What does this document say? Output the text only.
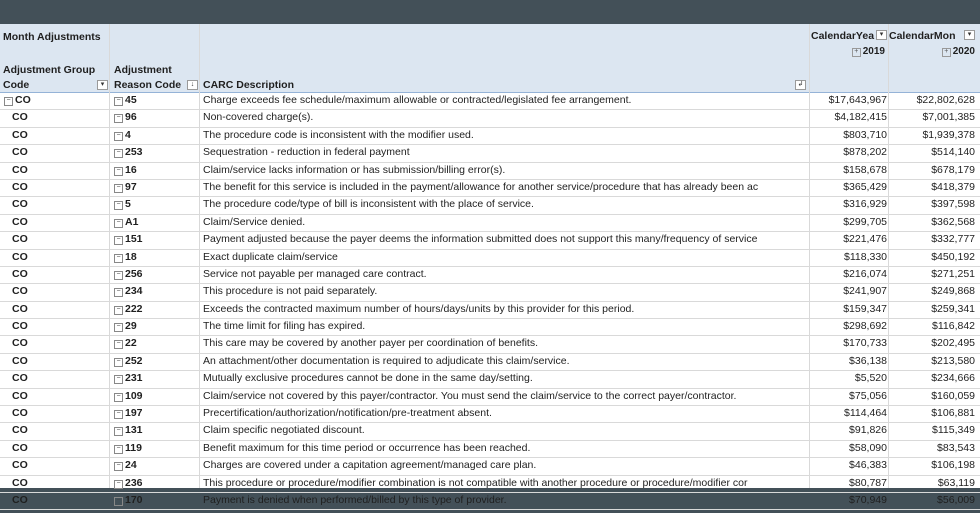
Month Adjustments
Adjustment Group
Code	▾
Adjustment
Reason Code	↓ CARC Description	↲
CalendarYea ▾ CalendarMon	▾
+ 2019	+ 2020
− CO	− 45	Charge exceeds fee schedule/maximum allowable or contracted/legislated fee arrangement.	$17,643,967	$22,802,628
CO	− 96	Non-covered charge(s).	$4,182,415	$7,001,385
CO	− 4	The procedure code is inconsistent with the modifier used.	$803,710	$1,939,378
CO	− 253	Sequestration - reduction in federal payment	$878,202	$514,140
CO	− 16	Claim/service lacks information or has submission/billing error(s).	$158,678	$678,179
CO	− 97	The benefit for this service is included in the payment/allowance for another service/procedure that has already been ac	$365,429	$418,379
CO	− 5	The procedure code/type of bill is inconsistent with the place of service.	$316,929	$397,598
CO	− A1	Claim/Service denied.	$299,705	$362,568
CO	− 151	Payment adjusted because the payer deems the information submitted does not support this many/frequency of service	$221,476	$332,777
CO	− 18	Exact duplicate claim/service	$118,330	$450,192
CO	− 256	Service not payable per managed care contract.	$216,074	$271,251
CO	− 234	This procedure is not paid separately.	$241,907	$249,868
CO	− 222	Exceeds the contracted maximum number of hours/days/units by this provider for this period.	$159,347	$259,341
CO	− 29	The time limit for filing has expired.	$298,692	$116,842
CO	− 22	This care may be covered by another payer per coordination of benefits.	$170,733	$202,495
CO	− 252	An attachment/other documentation is required to adjudicate this claim/service.	$36,138	$213,580
CO	− 231	Mutually exclusive procedures cannot be done in the same day/setting.	$5,520	$234,666
CO	− 109	Claim/service not covered by this payer/contractor. You must send the claim/service to the correct payer/contractor.	$75,056	$160,059
CO	− 197	Precertification/authorization/notification/pre-treatment absent.	$114,464	$106,881
CO	− 131	Claim specific negotiated discount.	$91,826	$115,349
CO	− 119	Benefit maximum for this time period or occurrence has been reached.	$58,090	$83,543
CO	− 24	Charges are covered under a capitation agreement/managed care plan.	$46,383	$106,198
CO	− 236	This procedure or procedure/modifier combination is not compatible with another procedure or procedure/modifier cor	$80,787	$63,119
CO	− 170	Payment is denied when performed/billed by this type of provider.	$70,949	$56,009
